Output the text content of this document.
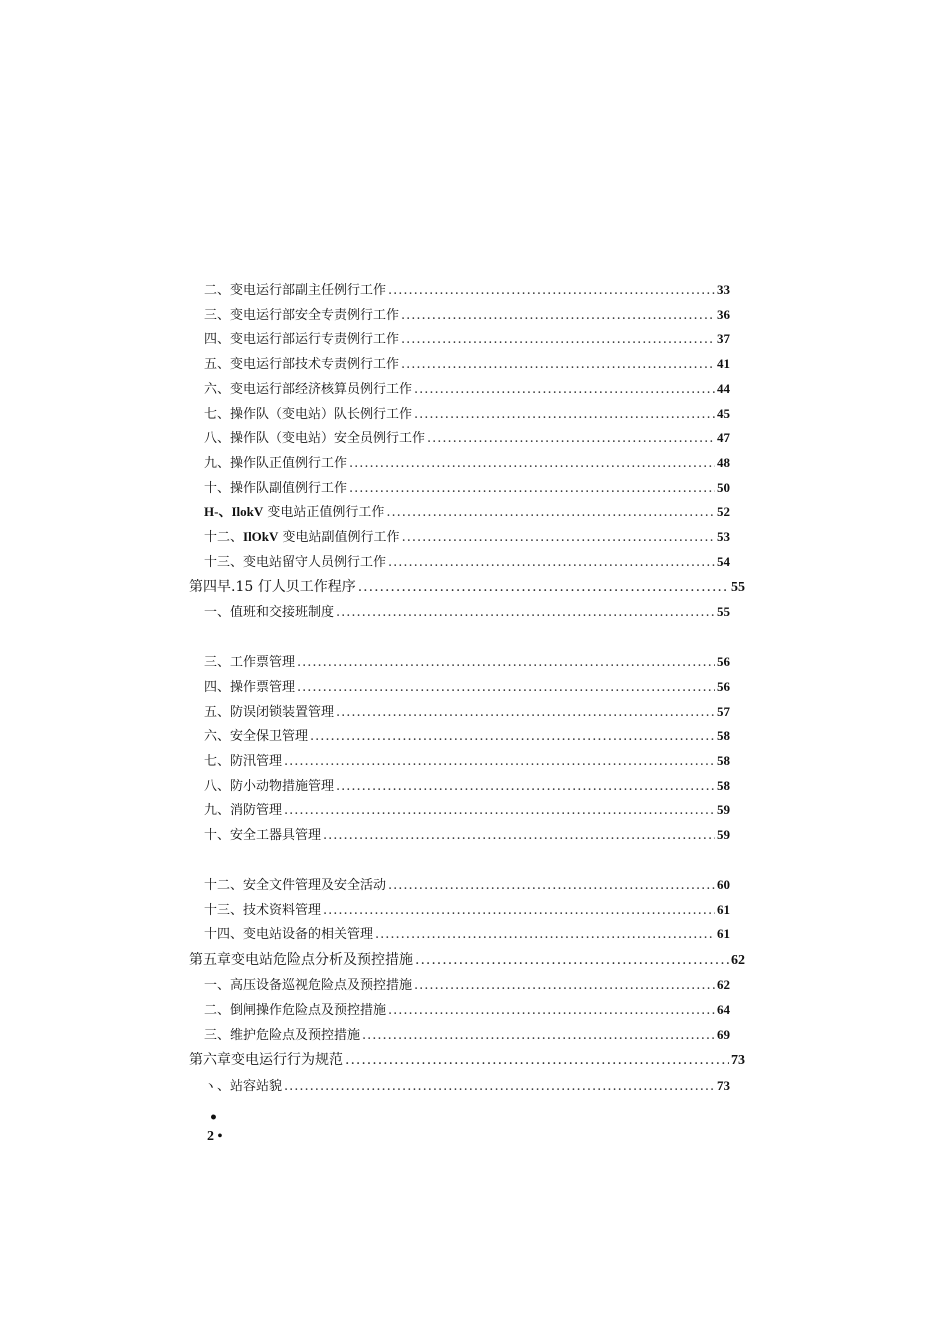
二、变电运行部副主任例行工作 .....	33
三、变电运行部安全专责例行工作 .....	36
四、变电运行部运行专责例行工作 .....	37
五、变电运行部技术专责例行工作 .....	41
六、变电运行部经济核算员例行工作 .....	44
七、操作队（变电站）队长例行工作 .....	45
八、操作队（变电站）安全员例行工作 .....	47
九、操作队正值例行工作 .....	48
十、操作队副值例行工作 .....	50
H-、IlokV 变电站正值例行工作 .....	52
十二、IlOkV 变电站副值例行工作 .....	53
十三、变电站留守人员例行工作 .....	54
第四早.15 仃人贝工作程序 .....	55
一、值班和交接班制度 .....	55
三、工作票管理 .....	56
四、操作票管理 .....	56
五、防误闭锁装置管理 .....	57
六、安全保卫管理 .....	58
七、防汛管理 .....	58
八、防小动物措施管理 .....	58
九、消防管理 .....	59
十、安全工器具管理 .....	59
十二、安全文件管理及安全活动 .....	60
十三、技术资料管理 .....	61
十四、变电站设备的相关管理 .....	61
第五章变电站危险点分析及预控措施 .....	62
一、高压设备巡视危险点及预控措施 .....	62
二、倒闸操作危险点及预控措施 .....	64
三、维护危险点及预控措施 .....	69
第六章变电运行行为规范 .....	73
ヽ、站容站貌 .....	73
•
2 •
